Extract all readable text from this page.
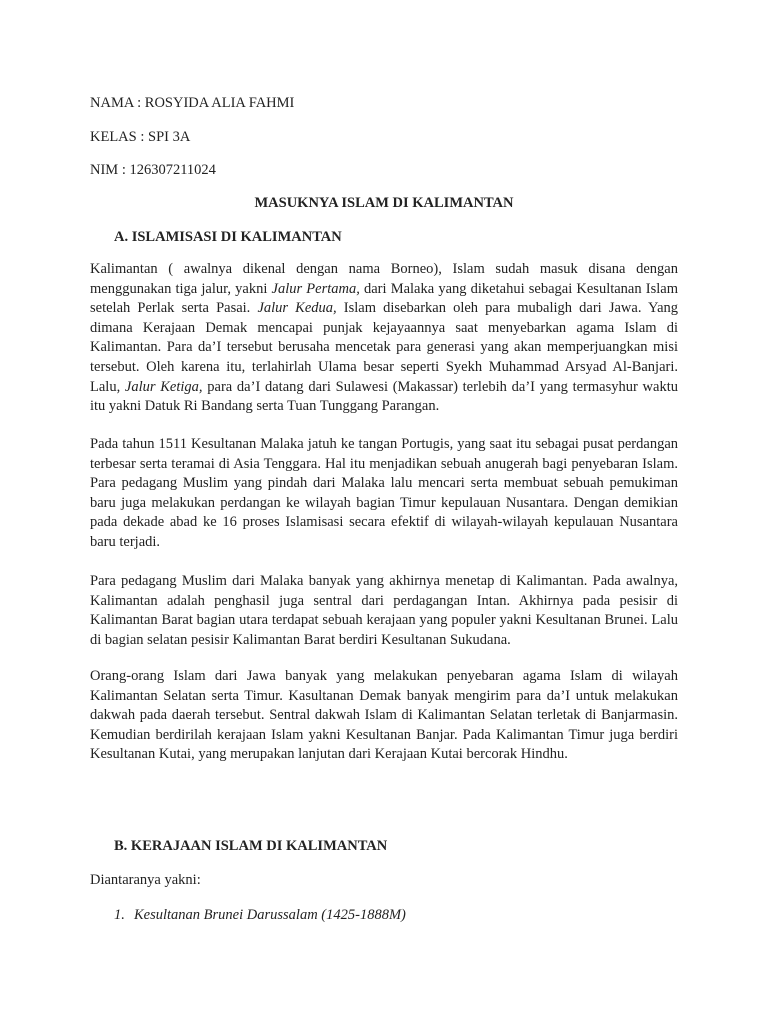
NAMA : ROSYIDA ALIA FAHMI
KELAS : SPI 3A
NIM : 126307211024
MASUKNYA ISLAM DI KALIMANTAN
A. ISLAMISASI DI KALIMANTAN

Kalimantan ( awalnya dikenal dengan nama Borneo), Islam sudah masuk disana dengan menggunakan tiga jalur, yakni Jalur Pertama, dari Malaka yang diketahui sebagai Kesultanan Islam setelah Perlak serta Pasai. Jalur Kedua, Islam disebarkan oleh para mubaligh dari Jawa. Yang dimana Kerajaan Demak mencapai punjak kejayaannya saat menyebarkan agama Islam di Kalimantan. Para da’I tersebut berusaha mencetak para generasi yang akan memperjuangkan misi tersebut. Oleh karena itu, terlahirlah Ulama besar seperti Syekh Muhammad Arsyad Al-Banjari. Lalu, Jalur Ketiga, para da’I datang dari Sulawesi (Makassar) terlebih da’I yang termasyhur waktu itu yakni Datuk Ri Bandang serta Tuan Tunggang Parangan.

Pada tahun 1511 Kesultanan Malaka jatuh ke tangan Portugis, yang saat itu sebagai pusat perdangan terbesar serta teramai di Asia Tenggara. Hal itu menjadikan sebuah anugerah bagi penyebaran Islam. Para pedagang Muslim yang pindah dari Malaka lalu mencari serta membuat sebuah pemukiman baru juga melakukan perdangan ke wilayah bagian Timur kepulauan Nusantara. Dengan demikian pada dekade abad ke 16 proses Islamisasi secara efektif di wilayah-wilayah kepulauan Nusantara baru terjadi.

Para pedagang Muslim dari Malaka banyak yang akhirnya menetap di Kalimantan. Pada awalnya, Kalimantan adalah penghasil juga sentral dari perdagangan Intan. Akhirnya pada pesisir di Kalimantan Barat bagian utara terdapat sebuah kerajaan yang populer yakni Kesultanan Brunei. Lalu di bagian selatan pesisir Kalimantan Barat berdiri Kesultanan Sukudana.

Orang-orang Islam dari Jawa banyak yang melakukan penyebaran agama Islam di wilayah Kalimantan Selatan serta Timur. Kasultanan Demak banyak mengirim para da’I untuk melakukan dakwah pada daerah tersebut. Sentral dakwah Islam di Kalimantan Selatan terletak di Banjarmasin. Kemudian berdirilah kerajaan Islam yakni Kesultanan Banjar. Pada Kalimantan Timur juga berdiri Kesultanan Kutai, yang merupakan lanjutan dari Kerajaan Kutai bercorak Hindhu.

B. KERAJAAN ISLAM DI KALIMANTAN
Diantaranya yakni:
1. Kesultanan Brunei Darussalam (1425-1888M)
